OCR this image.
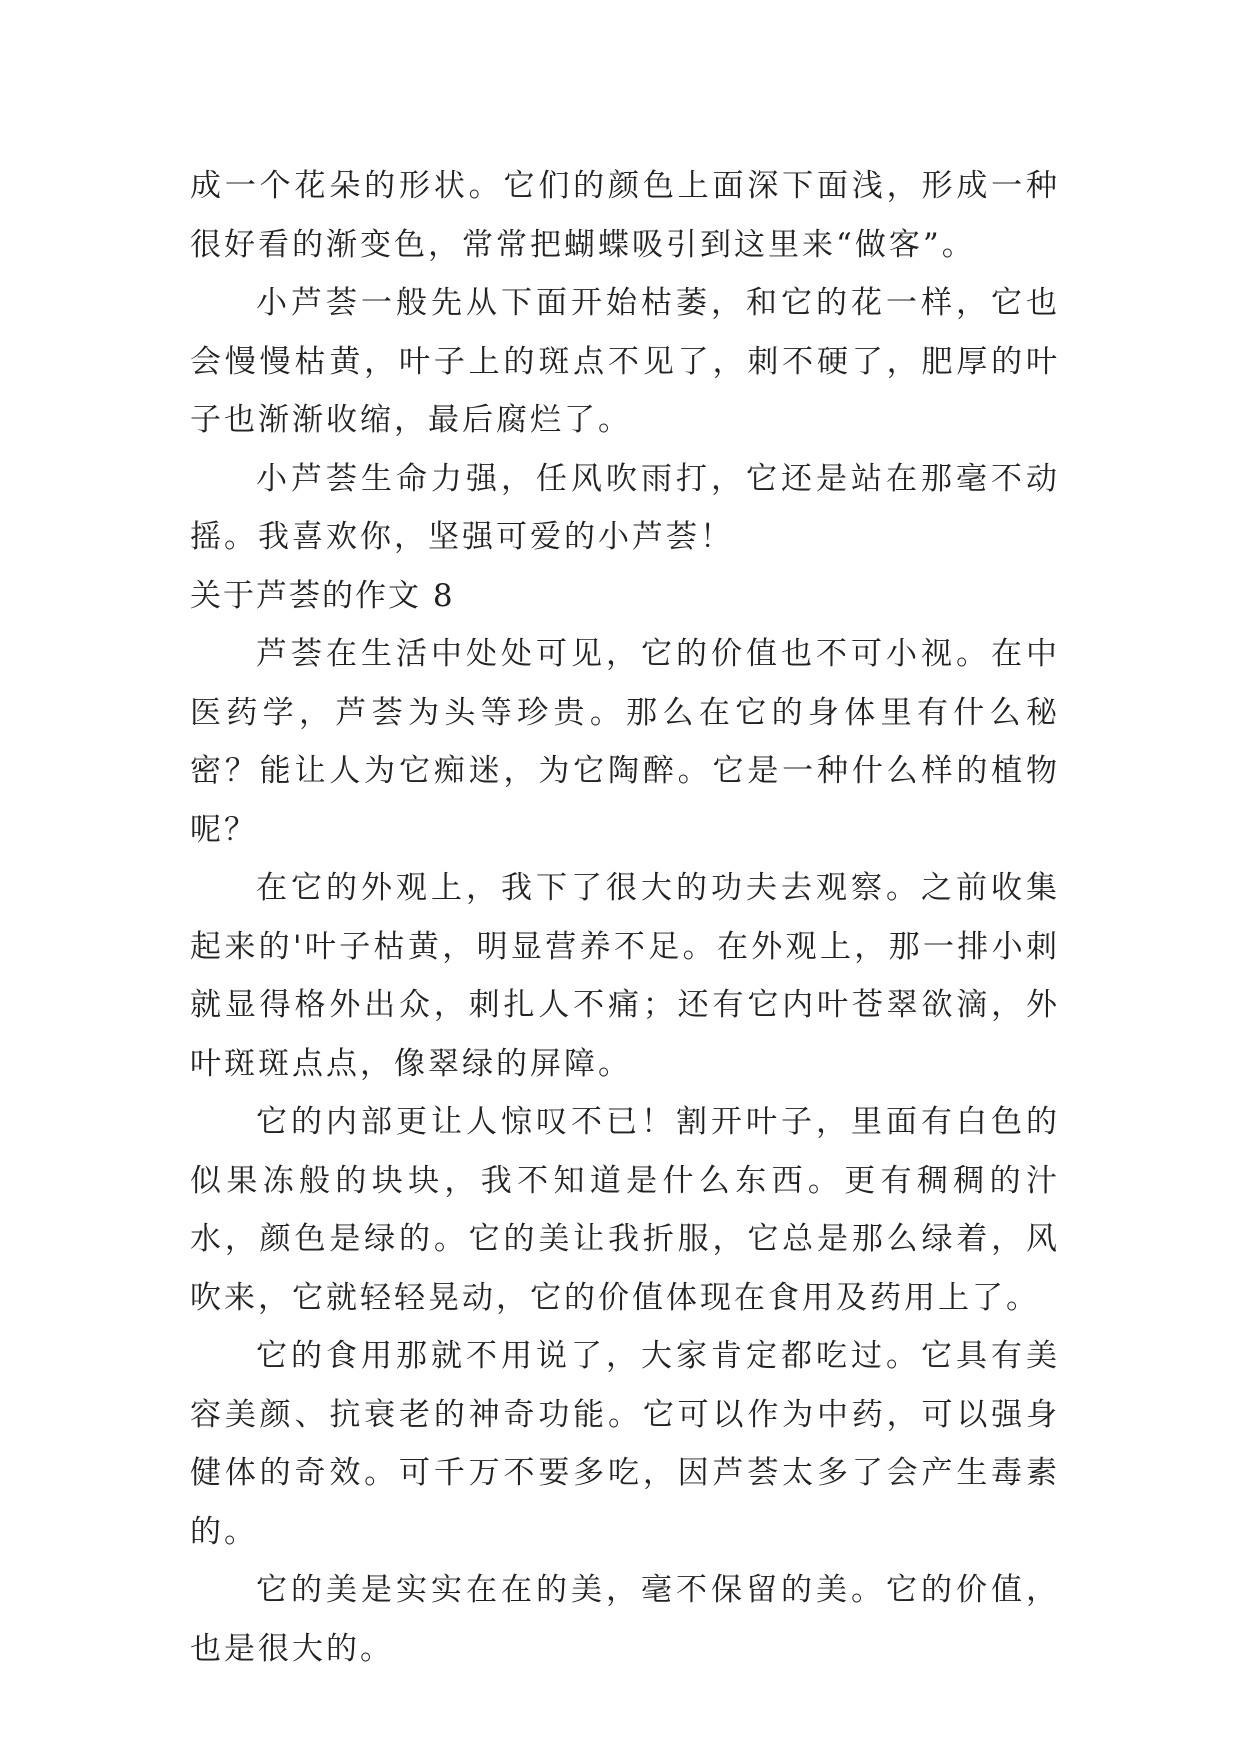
成一个花朵的形状。它们的颜色上面深下面浅，形成一种很好看的渐变色，常常把蝴蝶吸引到这里来“做客”。

小芦荟一般先从下面开始枯萎，和它的花一样，它也会慢慢枯黄，叶子上的斑点不见了，刺不硬了，肥厚的叶子也渐渐收缩，最后腐烂了。

小芦荟生命力强，任风吹雨打，它还是站在那毫不动摇。我喜欢你，坚强可爱的小芦荟！

关于芦荟的作文 8

芦荟在生活中处处可见，它的价值也不可小视。在中医药学，芦荟为头等珍贵。那么在它的身体里有什么秘密？能让人为它痴迷，为它陶醉。它是一种什么样的植物呢？

在它的外观上，我下了很大的功夫去观察。之前收集起来的'叶子枯黄，明显营养不足。在外观上，那一排小刺就显得格外出众，刺扎人不痛；还有它内叶苍翠欲滴，外叶斑斑点点，像翠绿的屏障。

它的内部更让人惊叹不已！割开叶子，里面有白色的似果冻般的块块，我不知道是什么东西。更有稠稠的汁水，颜色是绿的。它的美让我折服，它总是那么绿着，风吹来，它就轻轻晃动，它的价值体现在食用及药用上了。

它的食用那就不用说了，大家肯定都吃过。它具有美容美颜、抗衰老的神奇功能。它可以作为中药，可以强身健体的奇效。可千万不要多吃，因芦荟太多了会产生毒素的。

它的美是实实在在的美，毫不保留的美。它的价值，也是很大的。
